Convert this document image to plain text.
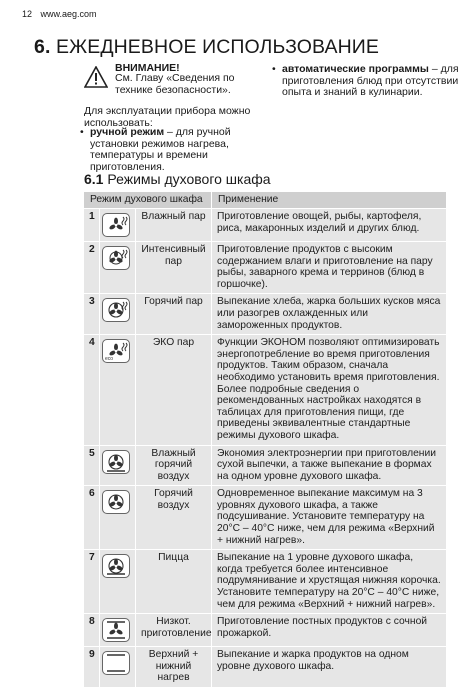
12 www.aeg.com
6. ЕЖЕДНЕВНОЕ ИСПОЛЬЗОВАНИЕ
ВНИМАНИЕ!
См. Главу «Сведения по технике безопасности».
Для эксплуатации прибора можно использовать:
• ручной режим – для ручной установки режимов нагрева, температуры и времени приготовления.
• автоматические программы – для приготовления блюд при отсутствии опыта и знаний в кулинарии.
6.1 Режимы духового шкафа
Режим духового шкафа			Применение
1		Влажный пар	Приготовление овощей, рыбы, картофеля, риса, макаронных изделий и других блюд.
2		Интенсивный пар	Приготовление продуктов с высоким содержанием влаги и приготовление на пару рыбы, заварного крема и терринов (блюд в горшочке).
3		Горячий пар	Выпекание хлеба, жарка больших кусков мяса или разогрев охлажденных или замороженных продуктов.
4	eco	ЭКО пар	Функции ЭКОНОМ позволяют оптимизировать энергопотребление во время приготовления продуктов. Таким образом, сначала необходимо установить время приготовления. Более подробные сведения о рекомендованных настройках находятся в таблицах для приготовления пищи, где приведены эквивалентные стандартные режимы духового шкафа.
5		Влажный горячий воздух	Экономия электроэнергии при приготовлении сухой выпечки, а также выпекание в формах на одном уровне духового шкафа.
6		Горячий воздух	Одновременное выпекание максимум на 3 уровнях духового шкафа, а также подсушивание. Установите температуру на 20°C – 40°C ниже, чем для режима «Верхний + нижний нагрев».
7		Пицца	Выпекание на 1 уровне духового шкафа, когда требуется более интенсивное подрумянивание и хрустящая нижняя корочка. Установите температуру на 20°C – 40°C ниже, чем для режима «Верхний + нижний нагрев».
8		Низкот. приготовление	Приготовление постных продуктов с сочной прожаркой.
9		Верхний + нижний нагрев	Выпекание и жарка продуктов на одном уровне духового шкафа.
